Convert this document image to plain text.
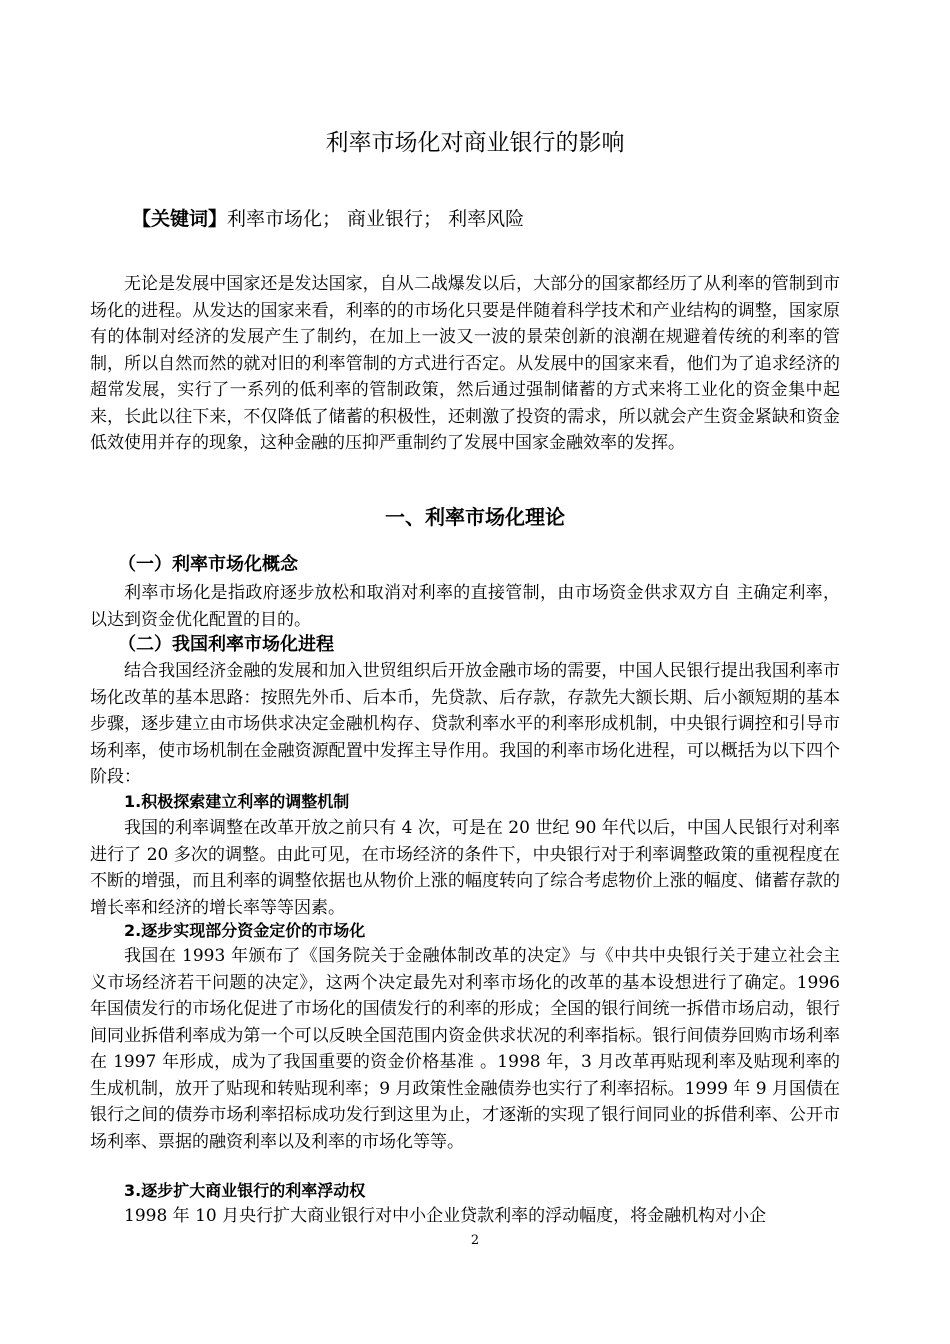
利率市场化对商业银行的影响
【关键词】利率市场化； 商业银行； 利率风险

无论是发展中国家还是发达国家，自从二战爆发以后，大部分的国家都经历了从利率的管制到市场化的进程。从发达的国家来看，利率的的市场化只要是伴随着科学技术和产业结构的调整，国家原有的体制对经济的发展产生了制约，在加上一波又一波的景荣创新的浪潮在规避着传统的利率的管制，所以自然而然的就对旧的利率管制的方式进行否定。从发展中的国家来看，他们为了追求经济的超常发展，实行了一系列的低利率的管制政策，然后通过强制储蓄的方式来将工业化的资金集中起来，长此以往下来，不仅降低了储蓄的积极性，还刺激了投资的需求，所以就会产生资金紧缺和资金低效使用并存的现象，这种金融的压抑严重制约了发展中国家金融效率的发挥。

一、利率市场化理论
（一）利率市场化概念

利率市场化是指政府逐步放松和取消对利率的直接管制，由市场资金供求双方自 主确定利率，以达到资金优化配置的目的。

（二）我国利率市场化进程

结合我国经济金融的发展和加入世贸组织后开放金融市场的需要，中国人民银行提出我国利率市场化改革的基本思路：按照先外币、后本币，先贷款、后存款，存款先大额长期、后小额短期的基本步骤，逐步建立由市场供求决定金融机构存、贷款利率水平的利率形成机制，中央银行调控和引导市场利率，使市场机制在金融资源配置中发挥主导作用。我国的利率市场化进程，可以概括为以下四个阶段：

1.积极探索建立利率的调整机制

我国的利率调整在改革开放之前只有 4 次，可是在 20 世纪 90 年代以后，中国人民银行对利率进行了 20 多次的调整。由此可见，在市场经济的条件下，中央银行对于利率调整政策的重视程度在不断的增强，而且利率的调整依据也从物价上涨的幅度转向了综合考虑物价上涨的幅度、储蓄存款的增长率和经济的增长率等等因素。

2.逐步实现部分资金定价的市场化

我国在 1993 年颁布了《国务院关于金融体制改革的决定》与《中共中央银行关于建立社会主义市场经济若干问题的决定》，这两个决定最先对利率市场化的改革的基本设想进行了确定。1996 年国债发行的市场化促进了市场化的国债发行的利率的形成；全国的银行间统一拆借市场启动，银行间同业拆借利率成为第一个可以反映全国范围内资金供求状况的利率指标。银行间债券回购市场利率在 1997 年形成，成为了我国重要的资金价格基准 。1998 年，3 月改革再贴现利率及贴现利率的生成机制，放开了贴现和转贴现利率；9 月政策性金融债券也实行了利率招标。1999 年 9 月国债在银行之间的债券市场利率招标成功发行到这里为止，才逐渐的实现了银行间同业的拆借利率、公开市场利率、票据的融资利率以及利率的市场化等等。

3.逐步扩大商业银行的利率浮动权

1998 年 10 月央行扩大商业银行对中小企业贷款利率的浮动幅度，将金融机构对小企

2
